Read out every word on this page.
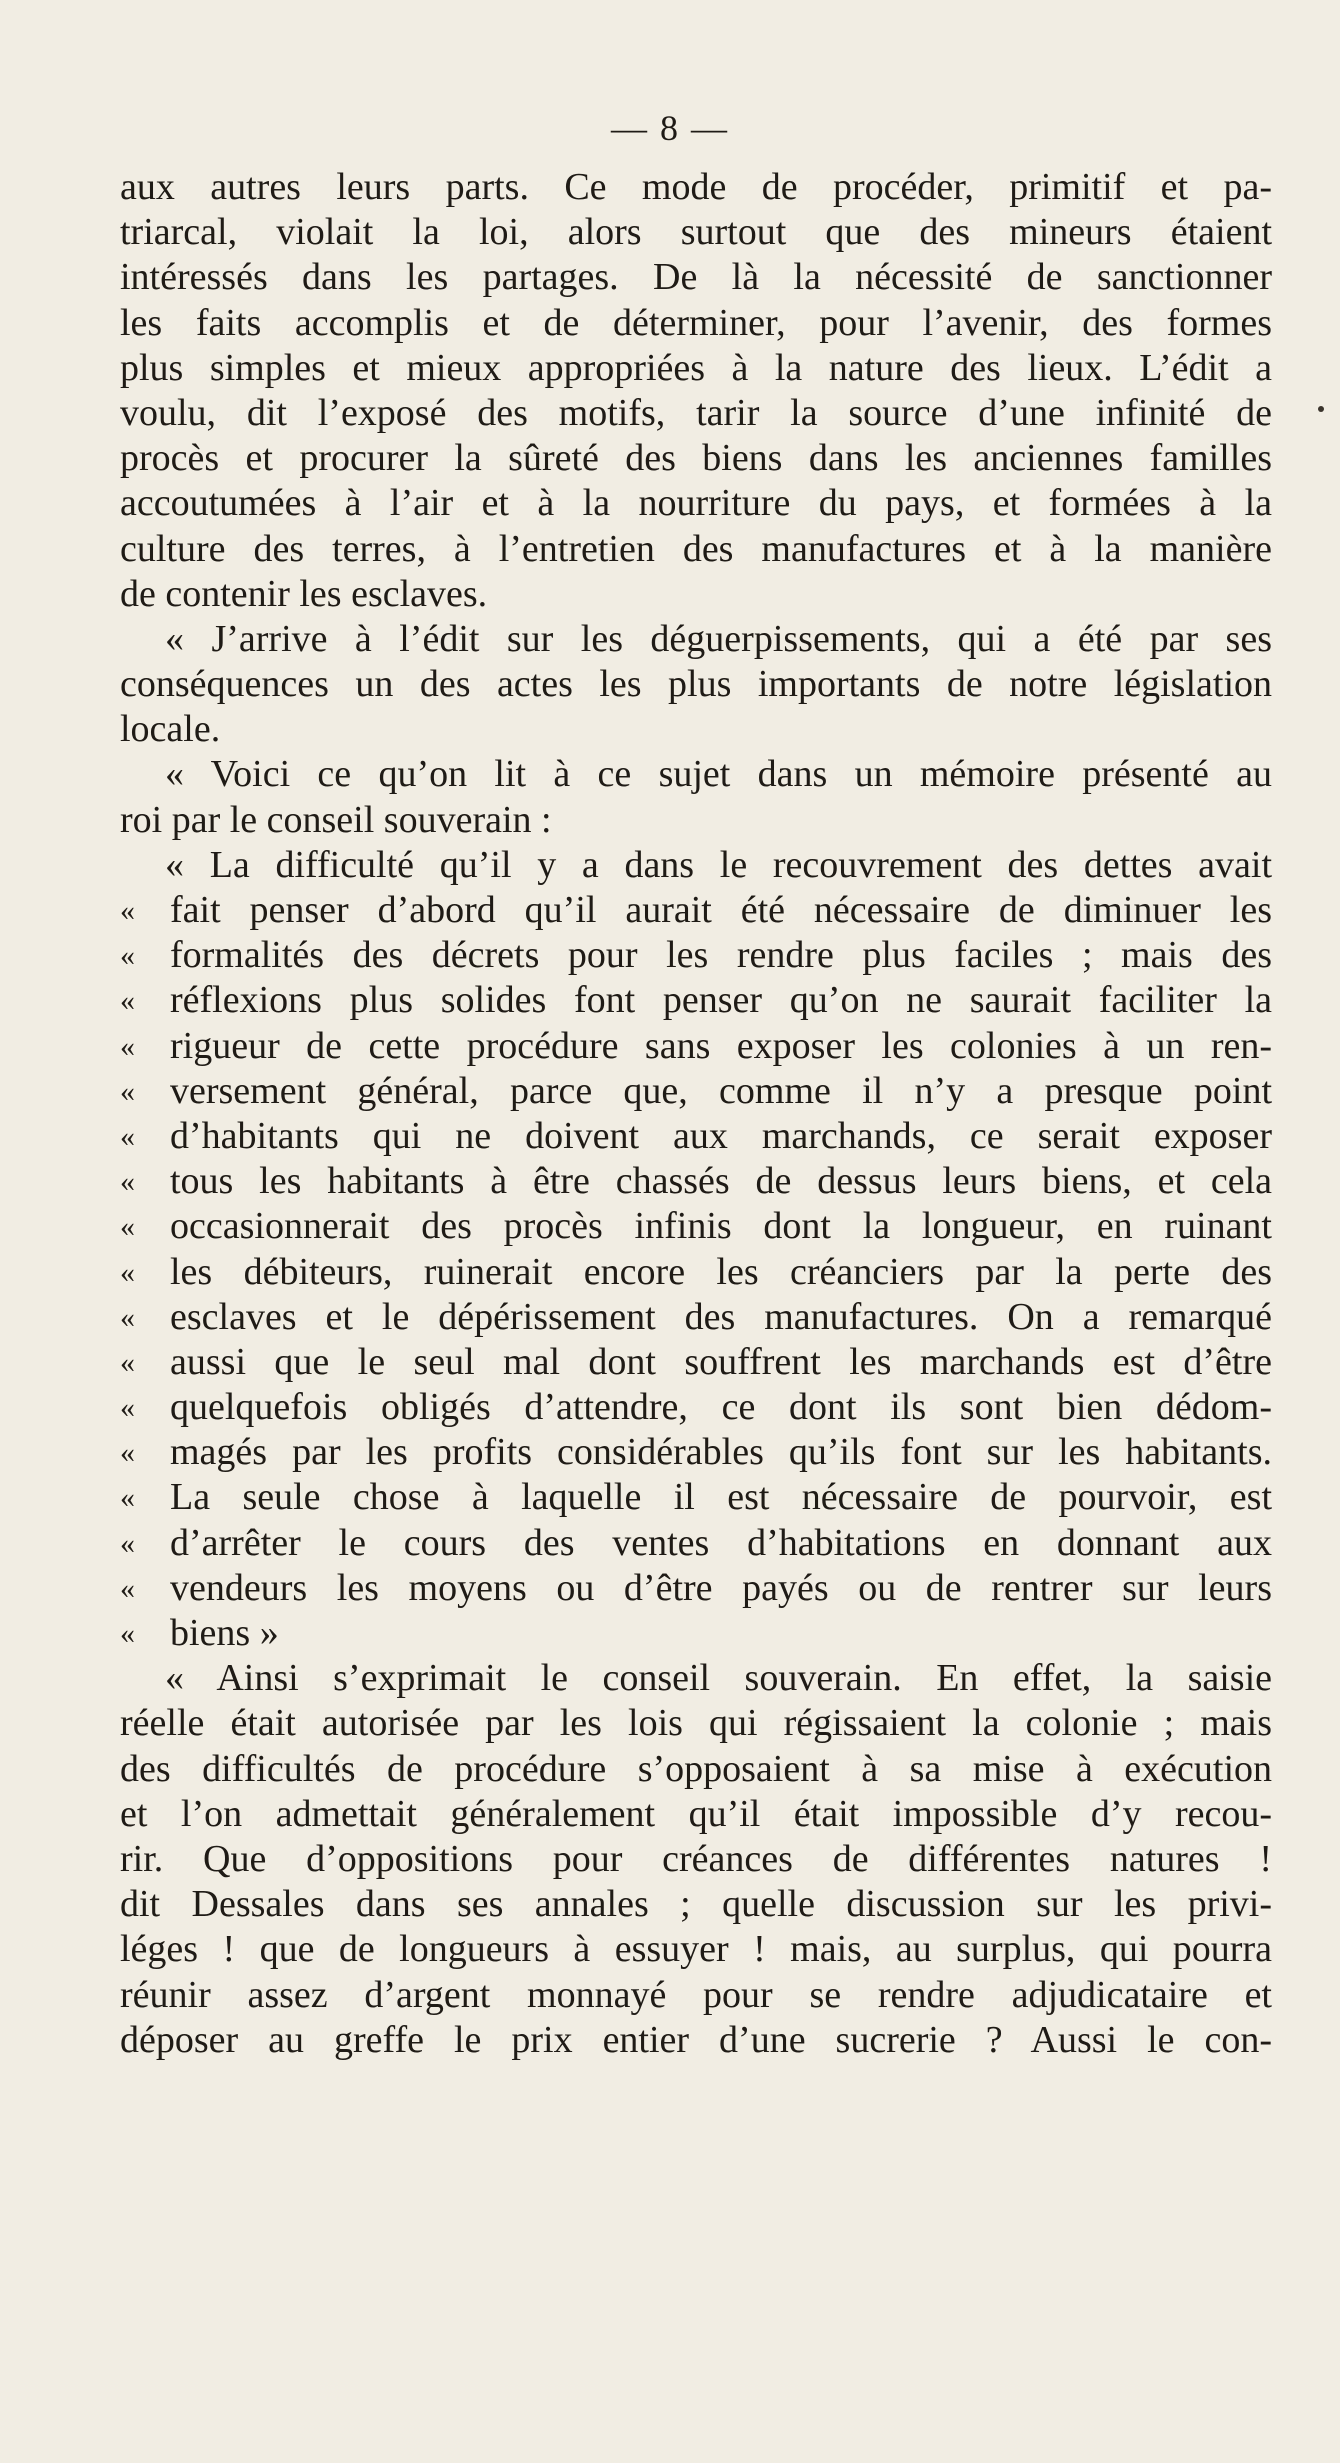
— 8 —
aux autres leurs parts. Ce mode de procéder, primitif et pa-
triarcal, violait la loi, alors surtout que des mineurs étaient
intéressés dans les partages. De là la nécessité de sanctionner
les faits accomplis et de déterminer, pour l’avenir, des formes
plus simples et mieux appropriées à la nature des lieux. L’édit a
voulu, dit l’exposé des motifs, tarir la source d’une infinité de
procès et procurer la sûreté des biens dans les anciennes familles
accoutumées à l’air et à la nourriture du pays, et formées à la
culture des terres, à l’entretien des manufactures et à la manière
de contenir les esclaves.
« J’arrive à l’édit sur les déguerpissements, qui a été par ses
conséquences un des actes les plus importants de notre législation
locale.
« Voici ce qu’on lit à ce sujet dans un mémoire présenté au
roi par le conseil souverain :
« La difficulté qu’il y a dans le recouvrement des dettes avait
« fait penser d’abord qu’il aurait été nécessaire de diminuer les
« formalités des décrets pour les rendre plus faciles ; mais des
« réflexions plus solides font penser qu’on ne saurait faciliter la
« rigueur de cette procédure sans exposer les colonies à un ren-
« versement général, parce que, comme il n’y a presque point
« d’habitants qui ne doivent aux marchands, ce serait exposer
« tous les habitants à être chassés de dessus leurs biens, et cela
« occasionnerait des procès infinis dont la longueur, en ruinant
« les débiteurs, ruinerait encore les créanciers par la perte des
« esclaves et le dépérissement des manufactures. On a remarqué
« aussi que le seul mal dont souffrent les marchands est d’être
« quelquefois obligés d’attendre, ce dont ils sont bien dédom-
« magés par les profits considérables qu’ils font sur les habitants.
« La seule chose à laquelle il est nécessaire de pourvoir, est
« d’arrêter le cours des ventes d’habitations en donnant aux
« vendeurs les moyens ou d’être payés ou de rentrer sur leurs
« biens »
« Ainsi s’exprimait le conseil souverain. En effet, la saisie
réelle était autorisée par les lois qui régissaient la colonie ; mais
des difficultés de procédure s’opposaient à sa mise à exécution
et l’on admettait généralement qu’il était impossible d’y recou-
rir. Que d’oppositions pour créances de différentes natures !
dit Dessales dans ses annales ; quelle discussion sur les privi-
léges ! que de longueurs à essuyer ! mais, au surplus, qui pourra
réunir assez d’argent monnayé pour se rendre adjudicataire et
déposer au greffe le prix entier d’une sucrerie ? Aussi le con-
